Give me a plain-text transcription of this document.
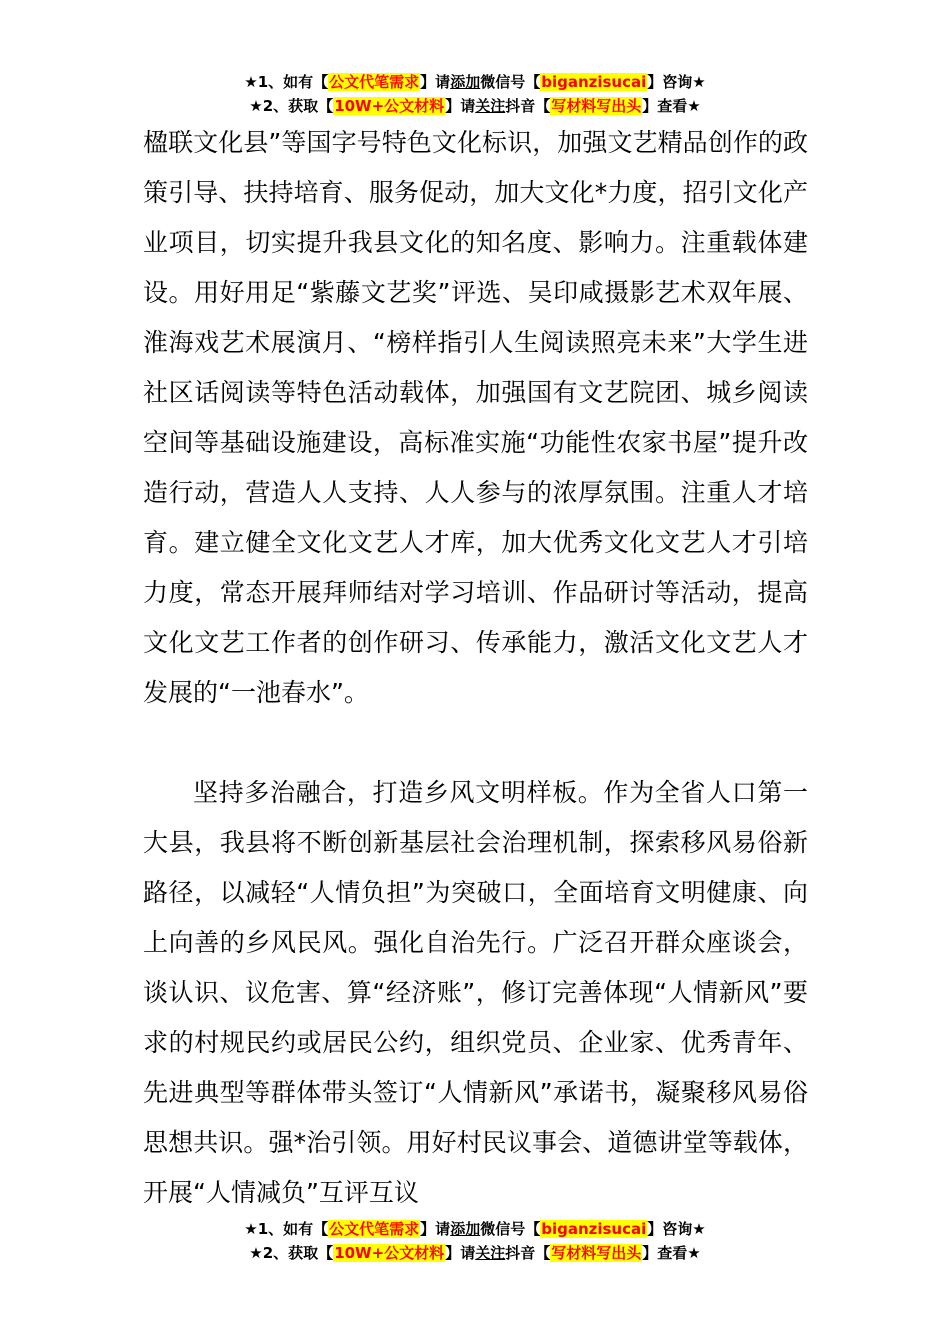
★1、如有【公文代笔需求】请添加微信号【biganzisucai】咨询★
★2、获取【10W+公文材料】请关注抖音【写材料写出头】查看★

楹联文化县”等国字号特色文化标识，加强文艺精品创作的政策引导、扶持培育、服务促动，加大文化*力度，招引文化产业项目，切实提升我县文化的知名度、影响力。注重载体建设。用好用足“紫藤文艺奖”评选、吴印咸摄影艺术双年展、淮海戏艺术展演月、“榜样指引人生阅读照亮未来”大学生进社区话阅读等特色活动载体，加强国有文艺院团、城乡阅读空间等基础设施建设，高标准实施“功能性农家书屋”提升改造行动，营造人人支持、人人参与的浓厚氛围。注重人才培育。建立健全文化文艺人才库，加大优秀文化文艺人才引培力度，常态开展拜师结对学习培训、作品研讨等活动，提高文化文艺工作者的创作研习、传承能力，激活文化文艺人才发展的“一池春水”。

坚持多治融合，打造乡风文明样板。作为全省人口第一大县，我县将不断创新基层社会治理机制，探索移风易俗新路径，以减轻“人情负担”为突破口，全面培育文明健康、向上向善的乡风民风。强化自治先行。广泛召开群众座谈会，谈认识、议危害、算“经济账”，修订完善体现“人情新风”要求的村规民约或居民公约，组织党员、企业家、优秀青年、先进典型等群体带头签订“人情新风”承诺书，凝聚移风易俗思想共识。强*治引领。用好村民议事会、道德讲堂等载体，开展“人情减负”互评互议

★1、如有【公文代笔需求】请添加微信号【biganzisucai】咨询★
★2、获取【10W+公文材料】请关注抖音【写材料写出头】查看★
